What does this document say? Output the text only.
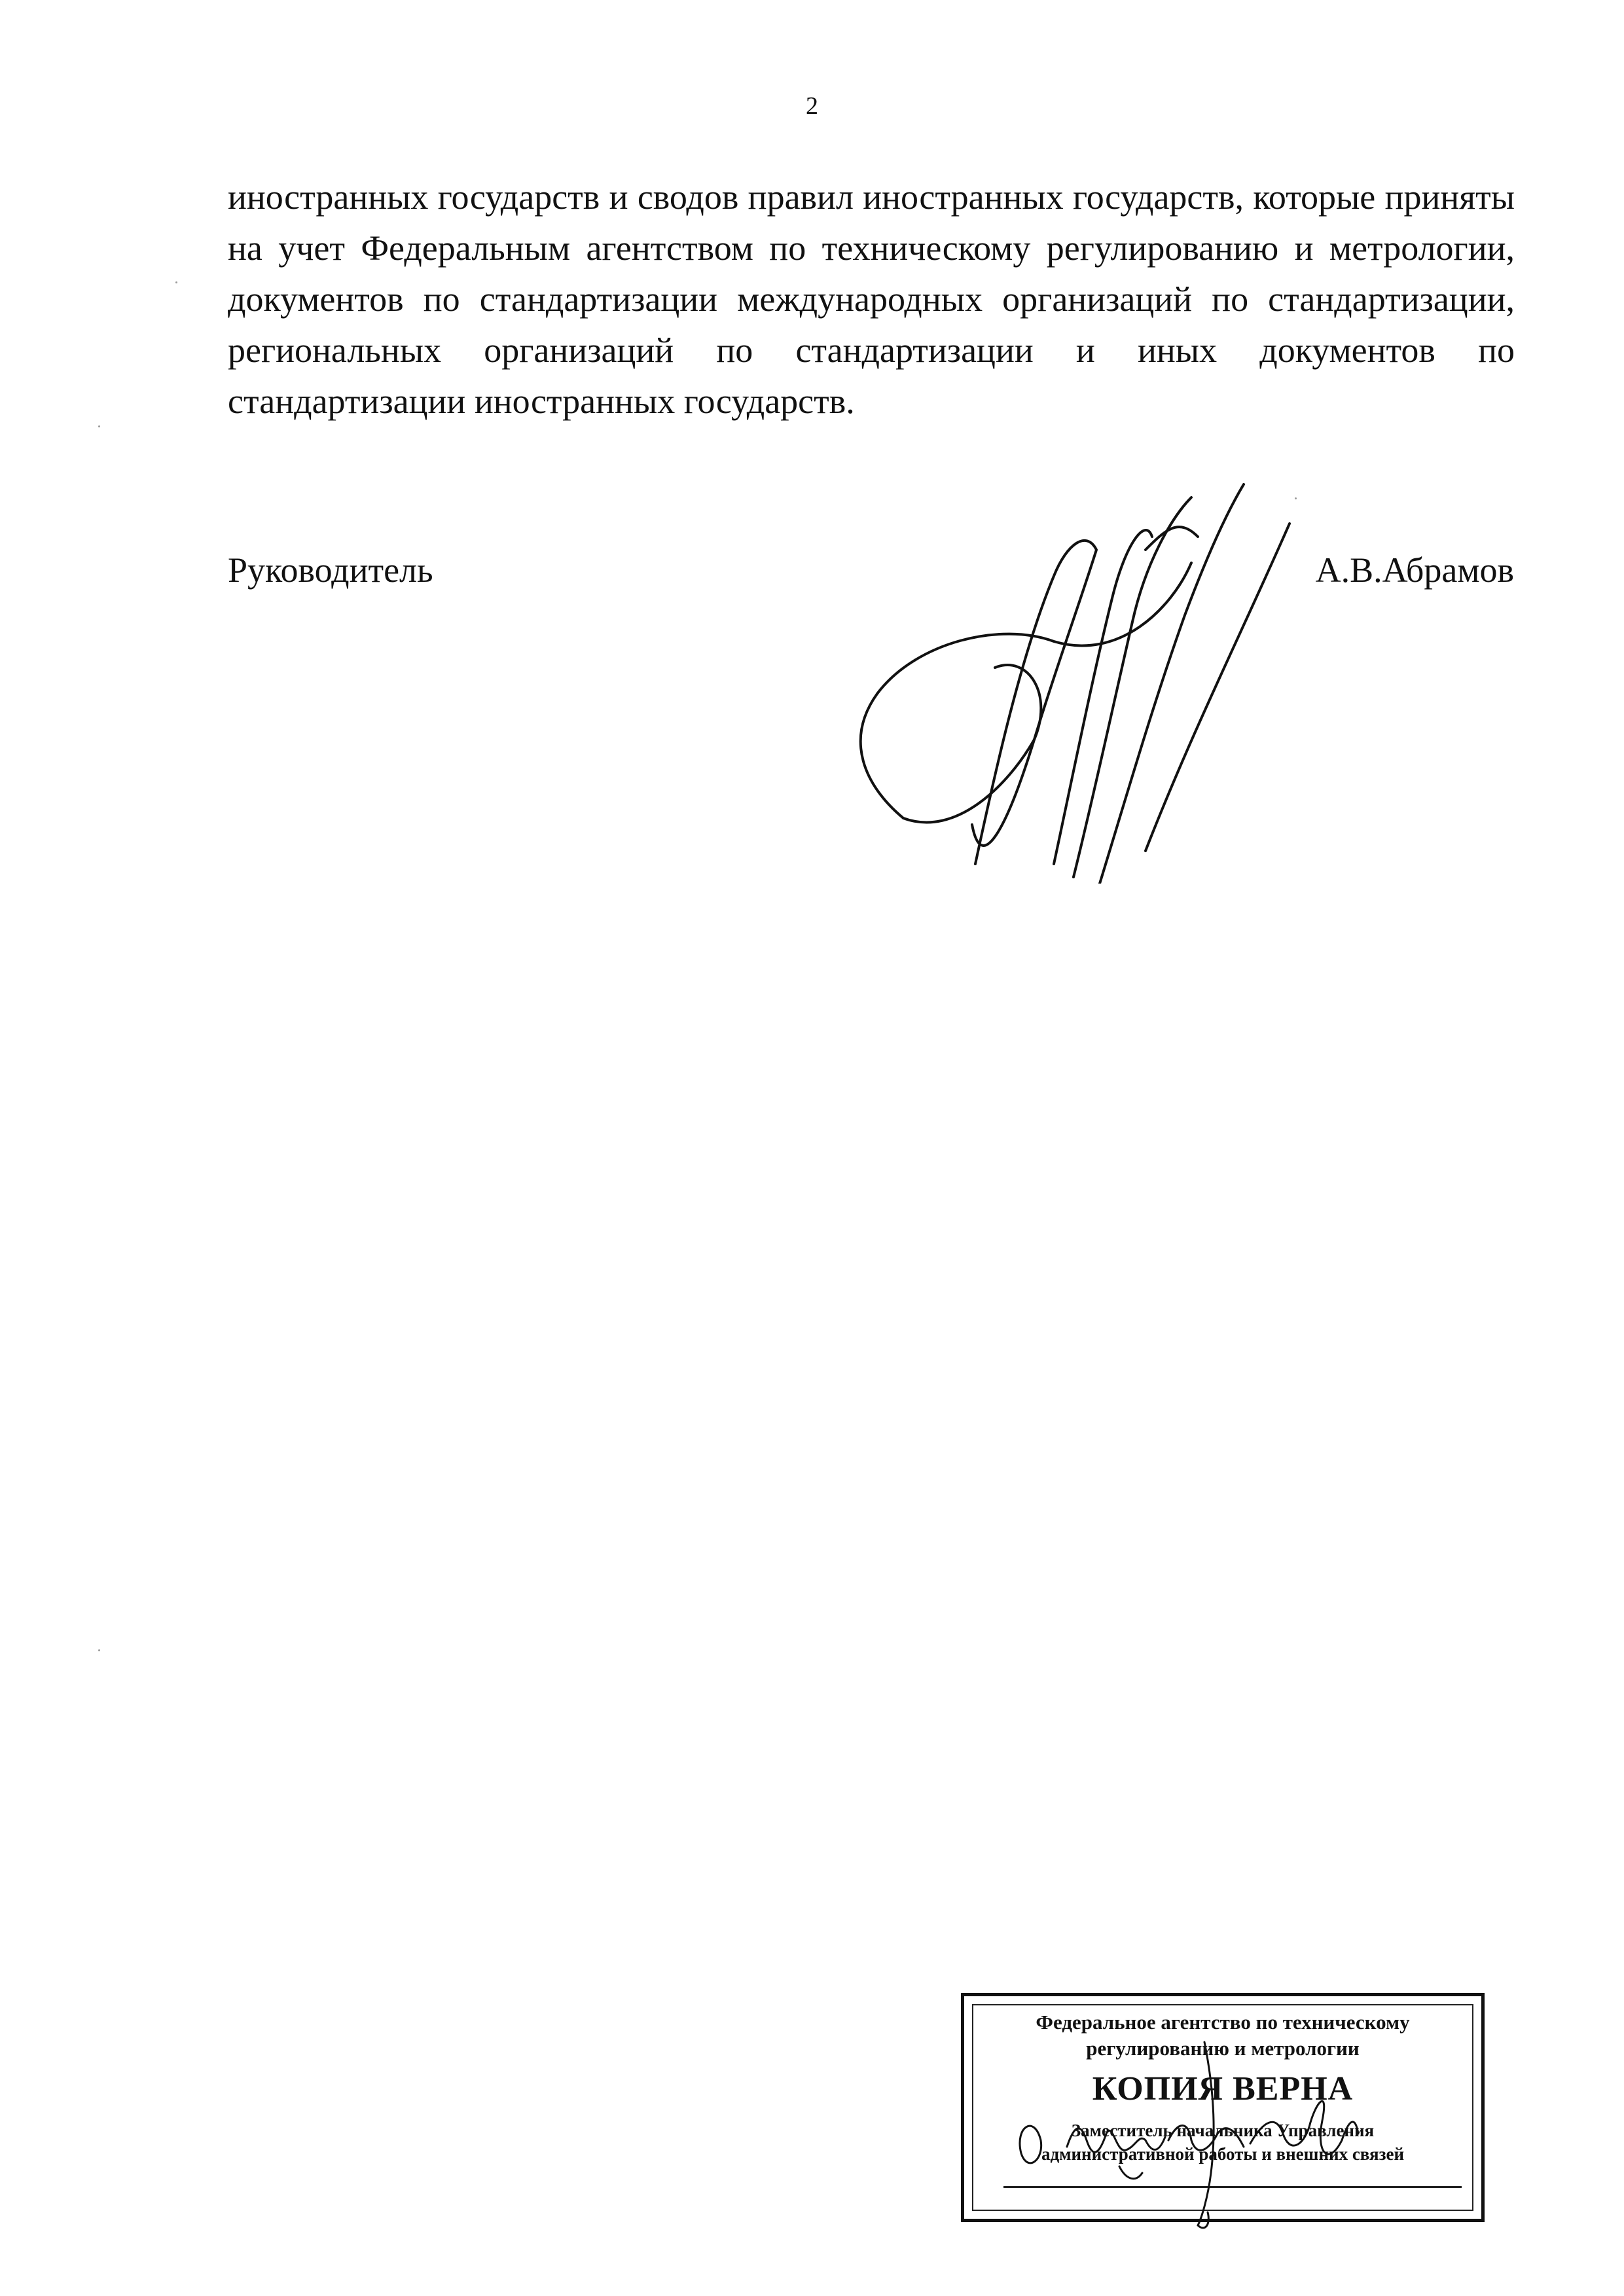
2

иностранных государств и сводов правил иностранных государств, которые приняты на учет Федеральным агентством по техническому регулированию и метрологии, документов по стандартизации международных организаций по стандартизации, региональных организаций по стандартизации и иных документов по стандартизации иностранных государств.

Руководитель	А.В.Абрамов
Федеральное агентство по техническому
регулированию и метрологии
КОПИЯ ВЕРНА
Заместитель начальника Управления
административной работы и внешних связей
